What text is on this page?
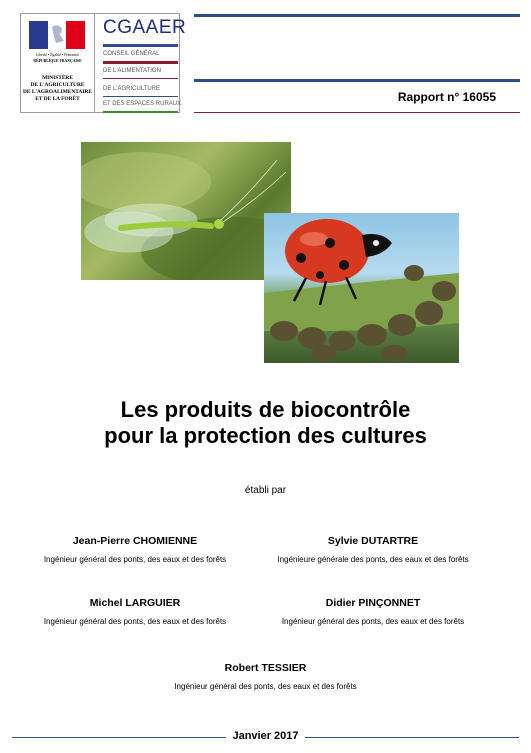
Liberté • Égalité • Fraternité
RÉPUBLIQUE FRANÇAISE
MINISTÈRE
DE L'AGRICULTURE
DE L'AGROALIMENTAIRE
ET DE LA FORÊT
CGAAER
CONSEIL GÉNÉRAL
DE L'ALIMENTATION
DE L'AGRICULTURE
ET DES ESPACES RURAUX	Rapport n° 16055
Les produits de biocontrôle
pour la protection des cultures
établi par
Jean-Pierre CHOMIENNE
Ingénieur général des ponts, des eaux et des forêts
Sylvie DUTARTRE
Ingénieure générale des ponts, des eaux et des forêts
Michel LARGUIER
Ingénieur général des ponts, des eaux et des forêts
Didier PINÇONNET
Ingénieur général des ponts, des eaux et des forêts
Robert TESSIER
Ingénieur général des ponts, des eaux et des forêts
Janvier 2017
